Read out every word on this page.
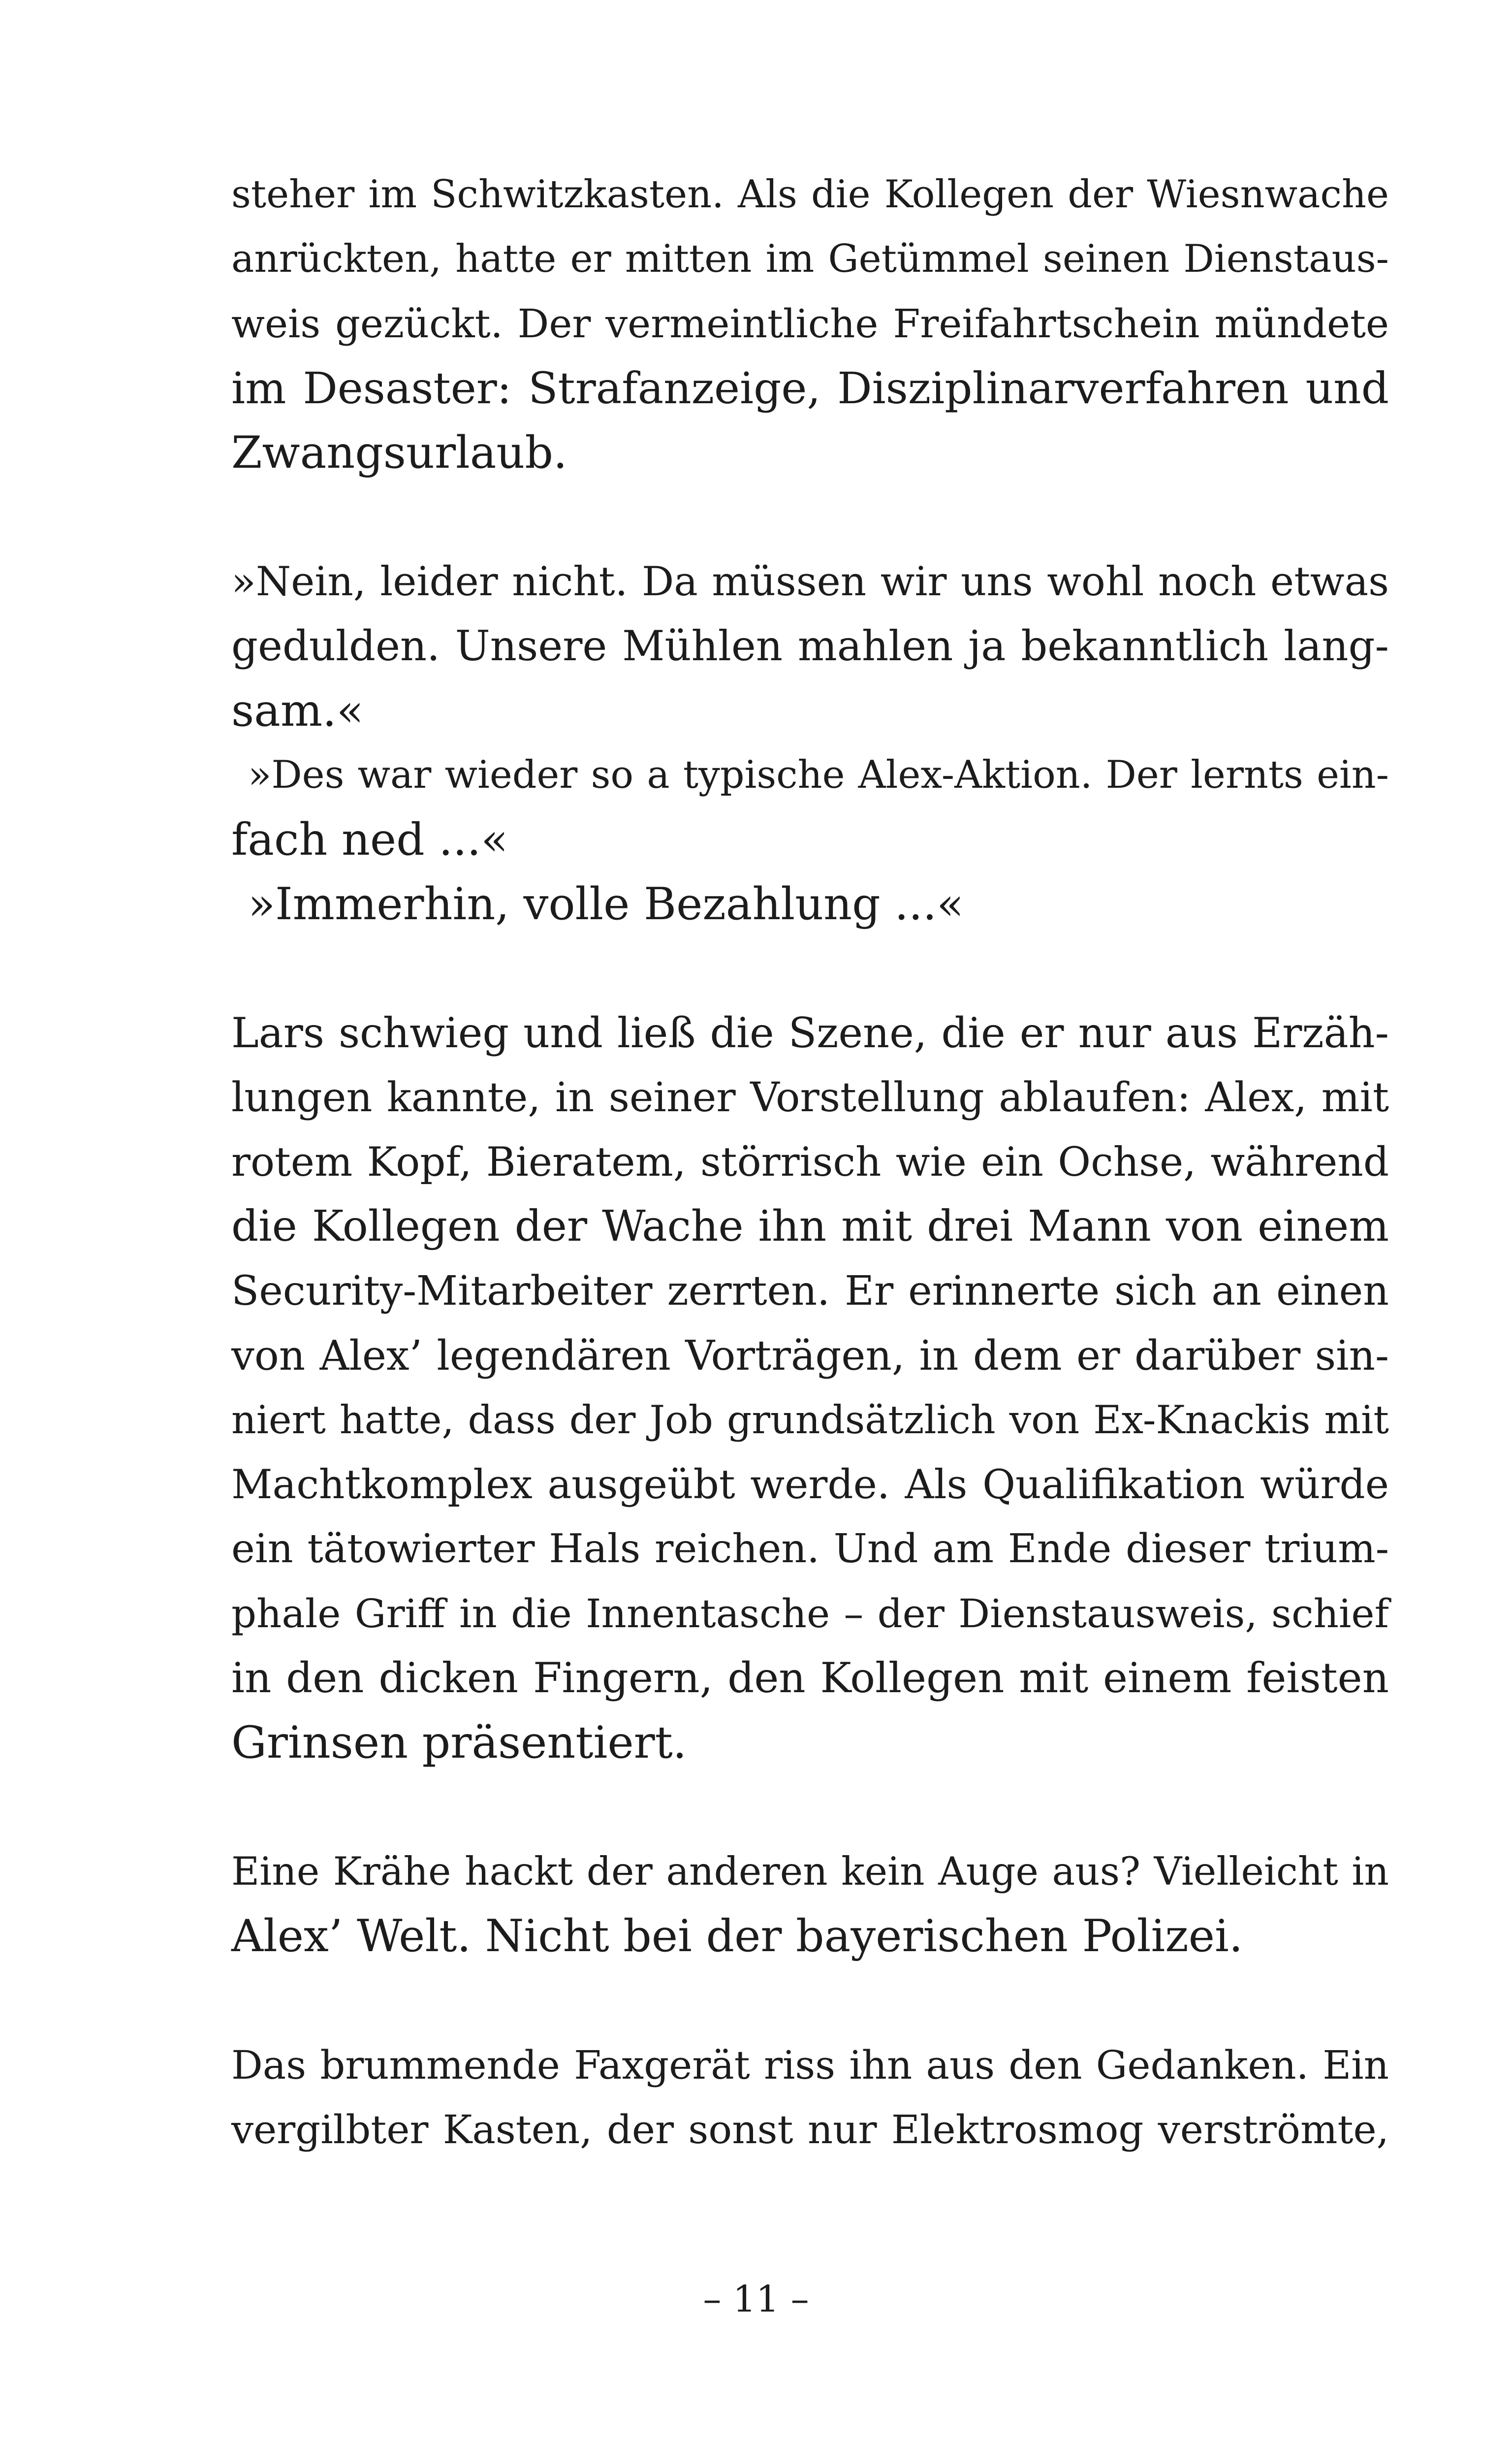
steher im Schwitzkasten. Als die Kollegen der Wiesnwache

anrückten, hatte er mitten im Getümmel seinen Dienstaus-

weis gezückt. Der vermeintliche Freifahrtschein mündete

im Desaster: Strafanzeige, Disziplinarverfahren und

Zwangsurlaub.

»Nein, leider nicht. Da müssen wir uns wohl noch etwas

gedulden. Unsere Mühlen mahlen ja bekanntlich lang-

sam.«

»Des war wieder so a typische Alex-Aktion. Der lernts ein-

fach ned ...«

»Immerhin, volle Bezahlung ...«

Lars schwieg und ließ die Szene, die er nur aus Erzäh-

lungen kannte, in seiner Vorstellung ablaufen: Alex, mit

rotem Kopf, Bieratem, störrisch wie ein Ochse, während

die Kollegen der Wache ihn mit drei Mann von einem

Security-Mitarbeiter zerrten. Er erinnerte sich an einen

von Alex’ legendären Vorträgen, in dem er darüber sin-

niert hatte, dass der Job grundsätzlich von Ex-Knackis mit

Machtkomplex ausgeübt werde. Als Qualifikation würde

ein tätowierter Hals reichen. Und am Ende dieser trium-

phale Griff in die Innentasche – der Dienstausweis, schief

in den dicken Fingern, den Kollegen mit einem feisten

Grinsen präsentiert.

Eine Krähe hackt der anderen kein Auge aus? Vielleicht in

Alex’ Welt. Nicht bei der bayerischen Polizei.

Das brummende Faxgerät riss ihn aus den Gedanken. Ein

vergilbter Kasten, der sonst nur Elektrosmog verströmte,

– 11 –
